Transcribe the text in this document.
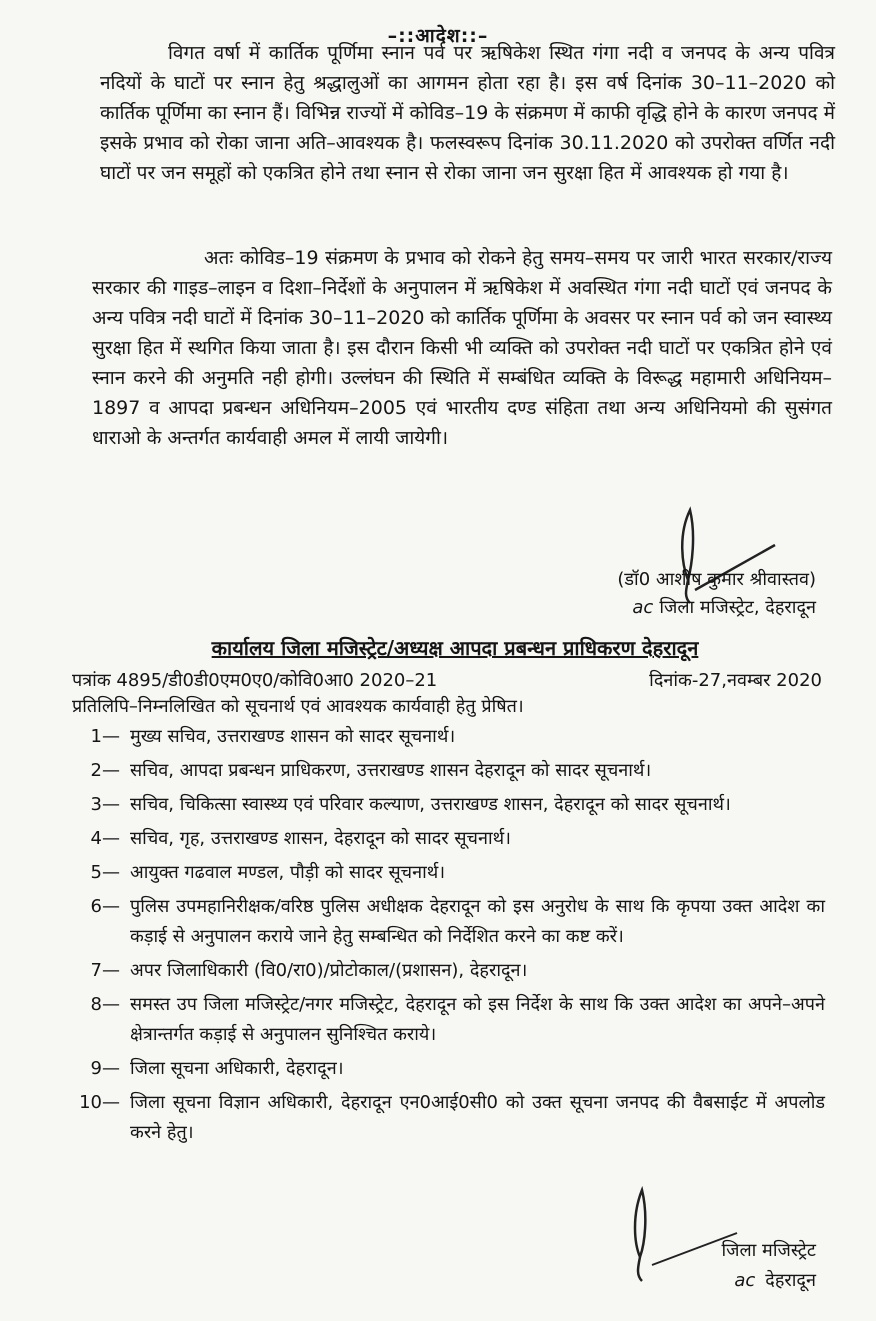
–::आदेश::–

विगत वर्षा में कार्तिक पूर्णिमा स्नान पर्व पर ऋषिकेश स्थित गंगा नदी व जनपद के अन्य पवित्र नदियों के घाटों पर स्नान हेतु श्रद्धालुओं का आगमन होता रहा है। इस वर्ष दिनांक 30–11–2020 को कार्तिक पूर्णिमा का स्नान हैं। विभिन्न राज्यों में कोविड–19 के संक्रमण में काफी वृद्धि होने के कारण जनपद में इसके प्रभाव को रोका जाना अति–आवश्यक है। फलस्वरूप दिनांक 30.11.2020 को उपरोक्त वर्णित नदी घाटों पर जन समूहों को एकत्रित होने तथा स्नान से रोका जाना जन सुरक्षा हित में आवश्यक हो गया है।

अतः कोविड–19 संक्रमण के प्रभाव को रोकने हेतु समय–समय पर जारी भारत सरकार/राज्य सरकार की गाइड–लाइन व दिशा–निर्देशों के अनुपालन में ऋषिकेश में अवस्थित गंगा नदी घाटों एवं जनपद के अन्य पवित्र नदी घाटों में दिनांक 30–11–2020 को कार्तिक पूर्णिमा के अवसर पर स्नान पर्व को जन स्वास्थ्य सुरक्षा हित में स्थगित किया जाता है। इस दौरान किसी भी व्यक्ति को उपरोक्त नदी घाटों पर एकत्रित होने एवं स्नान करने की अनुमति नही होगी। उल्लंघन की स्थिति में सम्बंधित व्यक्ति के विरूद्ध महामारी अधिनियम–1897 व आपदा प्रबन्धन अधिनियम–2005 एवं भारतीय दण्ड संहिता तथा अन्य अधिनियमो की सुसंगत धाराओ के अन्तर्गत कार्यवाही अमल में लायी जायेगी।

(डॉ0 आशीष कुमार श्रीवास्तव)
ac जिला मजिस्ट्रेट, देहरादून
कार्यालय जिला मजिस्ट्रेट/अध्यक्ष आपदा प्रबन्धन प्राधिकरण देहरादून
पत्रांक 4895/डी0डी0एम0ए0/कोवि0आ0 2020–21	दिनांक-27,नवम्बर 2020
प्रतिलिपि–निम्नलिखित को सूचनार्थ एवं आवश्यक कार्यवाही हेतु प्रेषित।
1— मुख्य सचिव, उत्तराखण्ड शासन को सादर सूचनार्थ।
2— सचिव, आपदा प्रबन्धन प्राधिकरण, उत्तराखण्ड शासन देहरादून को सादर सूचनार्थ।
3— सचिव, चिकित्सा स्वास्थ्य एवं परिवार कल्याण, उत्तराखण्ड शासन, देहरादून को सादर सूचनार्थ।
4— सचिव, गृह, उत्तराखण्ड शासन, देहरादून को सादर सूचनार्थ।
5— आयुक्त गढवाल मण्डल, पौड़ी को सादर सूचनार्थ।
6— पुलिस उपमहानिरीक्षक/वरिष्ठ पुलिस अधीक्षक देहरादून को इस अनुरोध के साथ कि कृपया उक्त आदेश का कड़ाई से अनुपालन कराये जाने हेतु सम्बन्धित को निर्देशित करने का कष्ट करें।
7— अपर जिलाधिकारी (वि0/रा0)/प्रोटोकाल/(प्रशासन), देहरादून।
8— समस्त उप जिला मजिस्ट्रेट/नगर मजिस्ट्रेट, देहरादून को इस निर्देश के साथ कि उक्त आदेश का अपने–अपने क्षेत्रान्तर्गत कड़ाई से अनुपालन सुनिश्चित कराये।
9— जिला सूचना अधिकारी, देहरादून।
10— जिला सूचना विज्ञान अधिकारी, देहरादून एन0आई0सी0 को उक्त सूचना जनपद की वैबसाईट में अपलोड करने हेतु।
जिला मजिस्ट्रेट
ac देहरादून
